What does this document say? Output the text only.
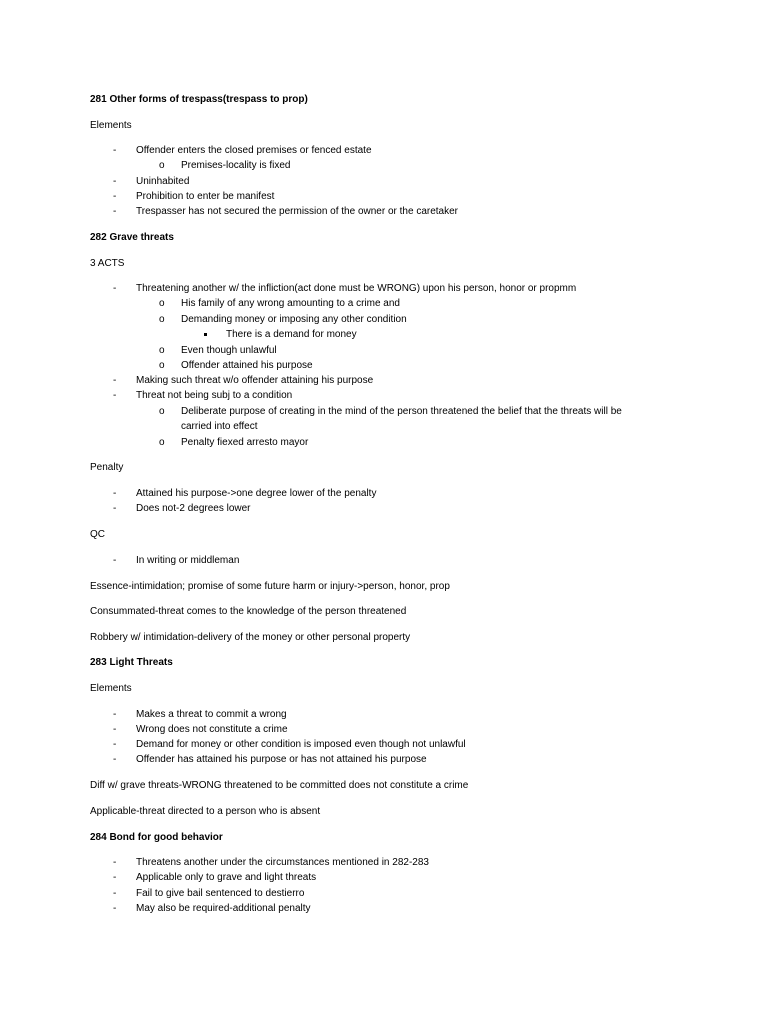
281 Other forms of trespass(trespass to prop)
Elements
- Offender enters the closed premises or fenced estate
o Premises-locality is fixed
- Uninhabited
- Prohibition to enter be manifest
- Trespasser has not secured the permission of the owner or the caretaker
282 Grave threats
3 ACTS
- Threatening another w/ the infliction(act done must be WRONG) upon his person, honor or propmm
o His family of any wrong amounting to a crime and
o Demanding money or imposing any other condition
There is a demand for money
o Even though unlawful
o Offender attained his purpose
- Making such threat w/o offender attaining his purpose
- Threat not being subj to a condition
o Deliberate purpose of creating in the mind of the person threatened the belief that the threats will be
carried into effect
o Penalty fiexed arresto mayor
Penalty
- Attained his purpose->one degree lower of the penalty
- Does not-2 degrees lower
QC
- In writing or middleman
Essence-intimidation; promise of some future harm or injury->person, honor, prop
Consummated-threat comes to the knowledge of the person threatened
Robbery w/ intimidation-delivery of the money or other personal property
283 Light Threats
Elements
- Makes a threat to commit a wrong
- Wrong does not constitute a crime
- Demand for money or other condition is imposed even though not unlawful
- Offender has attained his purpose or has not attained his purpose
Diff w/ grave threats-WRONG threatened to be committed does not constitute a crime
Applicable-threat directed to a person who is absent
284 Bond for good behavior
- Threatens another under the circumstances mentioned in 282-283
- Applicable only to grave and light threats
- Fail to give bail sentenced to destierro
- May also be required-additional penalty
